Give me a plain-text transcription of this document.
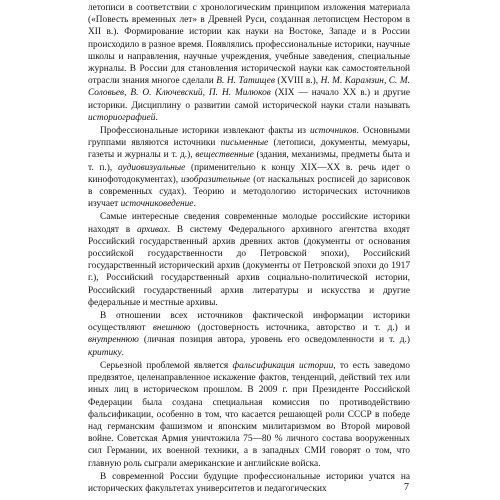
летописи в соответствии с хронологическим принципом изложения материала («Повесть временных лет» в Древней Руси, созданная летописцем Нестором в XII в.). Формирование истории как науки на Востоке, Западе и в России происходило в разное время. Появлялись профессиональные историки, научные школы и направления, научные учреждения, учебные заведения, специальные журналы. В России для становления исторической науки как самостоятельной отрасли знания многое сделали В. Н. Татищев (XVIII в.), Н. М. Карамзин, С. М. Соловьев, В. О. Ключевский, П. Н. Милюков (XIX — начало XX в.) и другие историки. Дисциплину о развитии самой исторической науки стали называть историографией.

Профессиональные историки извлекают факты из источников. Основными группами являются источники письменные (летописи, документы, мемуары, газеты и журналы и т. д.), вещественные (здания, механизмы, предметы быта и т. п.), аудиовизуальные (применительно к концу XIX—XX в. речь идет о кинофотодокументах), изобразительные (от наскальных росписей до зарисовок в современных судах). Теорию и методологию исторических источников изучает источниковедение.

Самые интересные сведения современные молодые российские историки находят в архивах. В систему Федерального архивного агентства входят Российский государственный архив древних актов (документы от основания российской государственности до Петровской эпохи), Российский государственный исторический архив (документы от Петровской эпохи до 1917 г.), Российский государственный архив социально-политической истории, Российский государственный архив литературы и искусства и другие федеральные и местные архивы.

В отношении всех источников фактической информации историки осуществляют внешнюю (достоверность источника, авторство и т. д.) и внутреннюю (личная позиция автора, уровень его осведомленности и т. д.) критику.

Серьезной проблемой является фальсификация истории, то есть заведомо предвзятое, целенаправленное искажение фактов, тенденций, действий тех или иных лиц в историческом прошлом. В 2009 г. при Президенте Российской Федерации была создана специальная комиссия по противодействию фальсификации, особенно в том, что касается решающей роли СССР в победе над германским фашизмом и японским милитаризмом во Второй мировой войне. Советская Армия уничтожила 75—80 % личного состава вооруженных сил Германии, их военной техники, а в западных СМИ говорят о том, что главную роль сыграли американские и английские войска.

В современной России будущие профессиональные историки учатся на исторических факультетах университетов и педагогических	7
